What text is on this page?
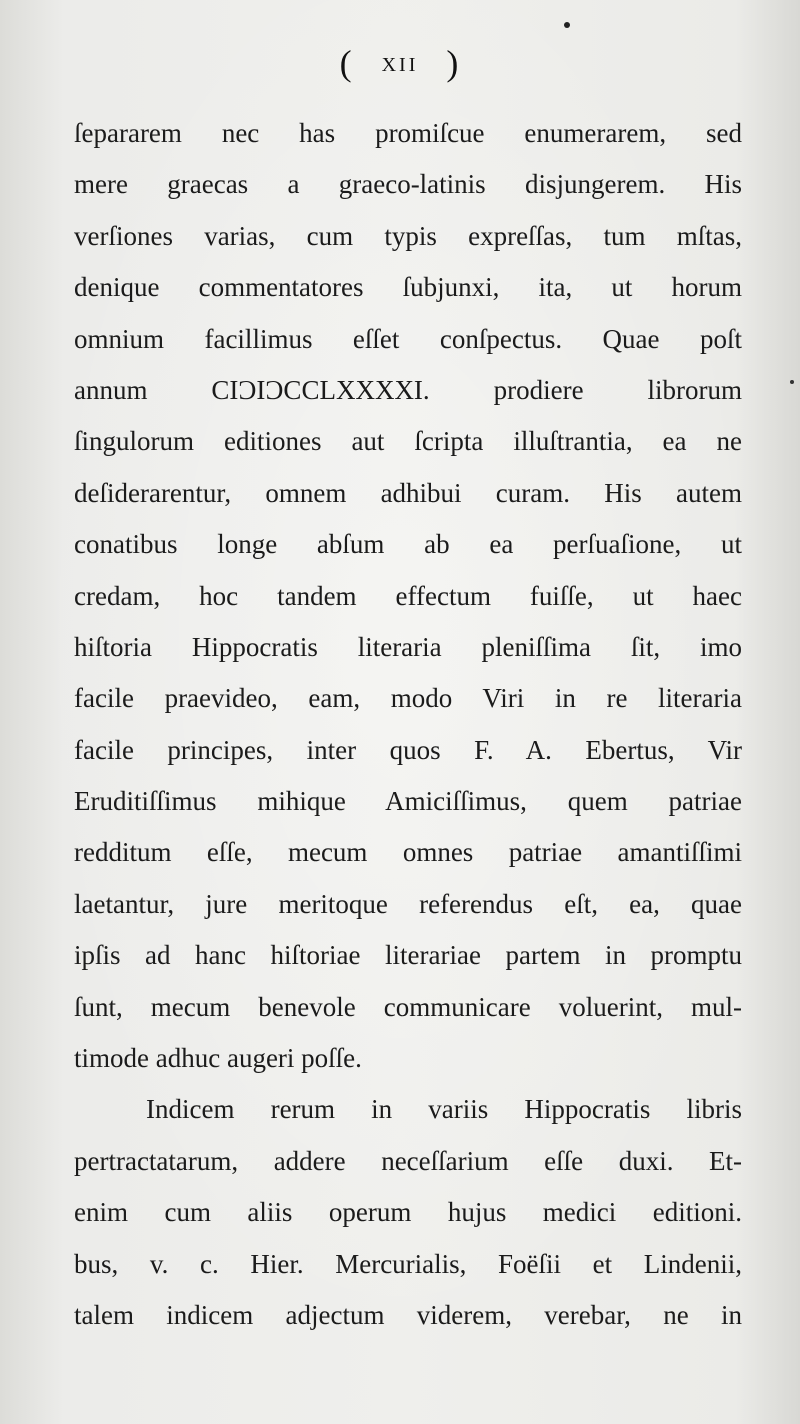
( XII )
ſepararem nec has promiſcue enumerarem, sed
mere graecas a graeco-latinis disjungerem. His
verſiones varias, cum typis expreſſas, tum mſtas,
denique commentatores ſubjunxi, ita, ut horum
omnium facillimus eſſet conſpectus. Quae poſt
annum CIƆIƆCCLXXXXI. prodiere librorum
ſingulorum editiones aut ſcripta illuſtrantia, ea ne
deſiderarentur, omnem adhibui curam. His autem
conatibus longe abſum ab ea perſuaſione, ut
credam, hoc tandem effectum fuiſſe, ut haec
hiſtoria Hippocratis literaria pleniſſima ſit, imo
facile praevideo, eam, modo Viri in re literaria
facile principes, inter quos F. A. Ebertus, Vir
Eruditiſſimus mihique Amiciſſimus, quem patriae
redditum eſſe, mecum omnes patriae amantiſſimi
laetantur, jure meritoque referendus eſt, ea, quae
ipſis ad hanc hiſtoriae literariae partem in promptu
ſunt, mecum benevole communicare voluerint, mul-
timode adhuc augeri poſſe.
Indicem rerum in variis Hippocratis libris
pertractatarum, addere neceſſarium eſſe duxi. Et-
enim cum aliis operum hujus medici editioni.
bus, v. c. Hier. Mercurialis, Foëſii et Lindenii,
talem indicem adjectum viderem, verebar, ne in
